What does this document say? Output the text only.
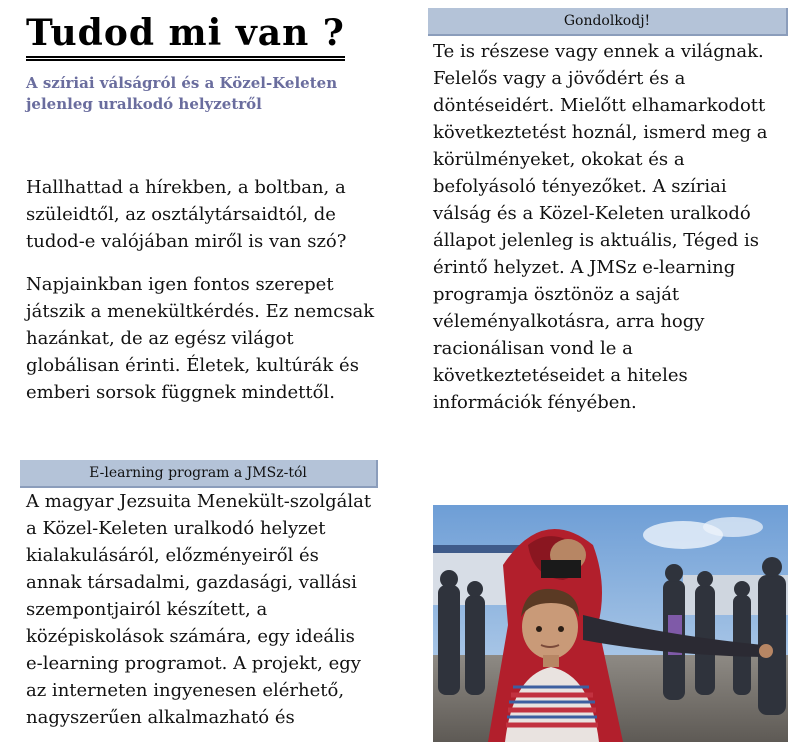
Tudod mi van ?

A szíriai válságról és a Közel-Keleten jelenleg uralkodó helyzetről

Hallhattad a hírekben, a boltban, a szüleidtől, az osztálytársaidtól, de tudod-e valójában miről is van szó?

Napjainkban igen fontos szerepet játszik a menekültkérdés. Ez nemcsak hazánkat, de az egész világot globálisan érinti. Életek, kultúrák és emberi sorsok függnek mindettől.

E-learning program a JMSz-tól

A magyar Jezsuita Menekült-szolgálat a Közel-Keleten uralkodó helyzet kialakulásáról, előzményeiről és annak társadalmi, gazdasági, vallási szempontjairól készített, a középiskolások számára, egy ideális e-learning programot. A projekt, egy az interneten ingyenesen elérhető, nagyszerűen alkalmazható és

Gondolkodj!

Te is részese vagy ennek a világnak. Felelős vagy a jövődért és a döntéseidért. Mielőtt elhamarkodott következtetést hoznál, ismerd meg a körülményeket, okokat és a befolyásoló tényezőket. A szíriai válság és a Közel-Keleten uralkodó állapot jelenleg is aktuális, Téged is érintő helyzet. A JMSz e-learning programja ösztönöz a saját véleményalkotásra, arra hogy racionálisan vond le a következtetéseidet a hiteles információk fényében.
